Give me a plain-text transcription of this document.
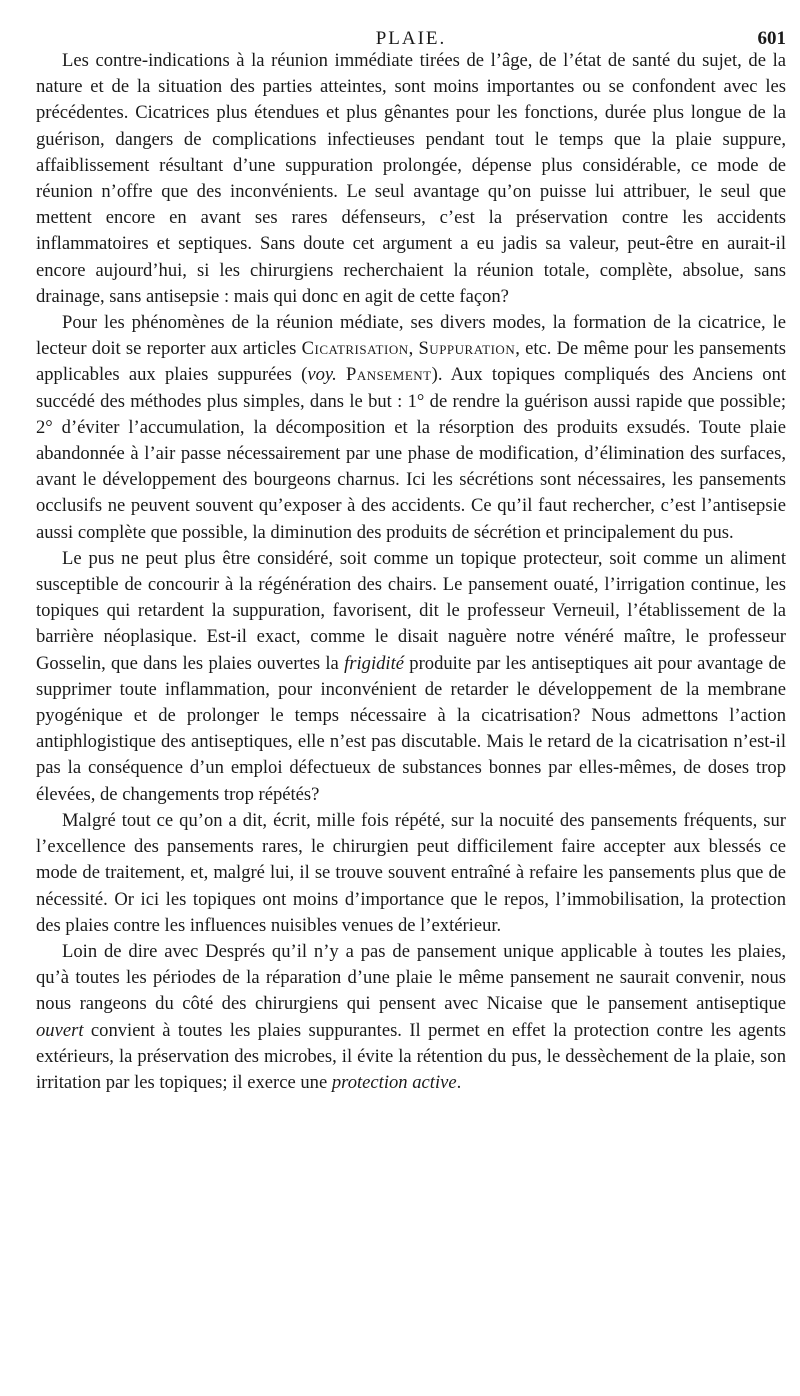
PLAIE.	601

Les contre-indications à la réunion immédiate tirées de l’âge, de l’état de santé du sujet, de la nature et de la situation des parties atteintes, sont moins importantes ou se confondent avec les précédentes. Cicatrices plus étendues et plus gênantes pour les fonctions, durée plus longue de la guérison, dangers de complications infectieuses pendant tout le temps que la plaie suppure, affaiblissement résultant d’une suppuration prolongée, dépense plus considérable, ce mode de réunion n’offre que des inconvénients. Le seul avantage qu’on puisse lui attribuer, le seul que mettent encore en avant ses rares défenseurs, c’est la préservation contre les accidents inflammatoires et septiques. Sans doute cet argument a eu jadis sa valeur, peut-être en aurait-il encore aujourd’hui, si les chirurgiens recherchaient la réunion totale, complète, absolue, sans drainage, sans antisepsie : mais qui donc en agit de cette façon?

Pour les phénomènes de la réunion médiate, ses divers modes, la formation de la cicatrice, le lecteur doit se reporter aux articles Cicatrisation, Suppuration, etc. De même pour les pansements applicables aux plaies suppurées (voy. Pansement). Aux topiques compliqués des Anciens ont succédé des méthodes plus simples, dans le but : 1° de rendre la guérison aussi rapide que possible; 2° d’éviter l’accumulation, la décomposition et la résorption des produits exsudés. Toute plaie abandonnée à l’air passe nécessairement par une phase de modification, d’élimination des surfaces, avant le développement des bourgeons charnus. Ici les sécrétions sont nécessaires, les pansements occlusifs ne peuvent souvent qu’exposer à des accidents. Ce qu’il faut rechercher, c’est l’antisepsie aussi complète que possible, la diminution des produits de sécrétion et principalement du pus.

Le pus ne peut plus être considéré, soit comme un topique protecteur, soit comme un aliment susceptible de concourir à la régénération des chairs. Le pansement ouaté, l’irrigation continue, les topiques qui retardent la suppuration, favorisent, dit le professeur Verneuil, l’établissement de la barrière néoplasique. Est-il exact, comme le disait naguère notre vénéré maître, le professeur Gosselin, que dans les plaies ouvertes la frigidité produite par les antiseptiques ait pour avantage de supprimer toute inflammation, pour inconvénient de retarder le développement de la membrane pyogénique et de prolonger le temps nécessaire à la cicatrisation? Nous admettons l’action antiphlogistique des antiseptiques, elle n’est pas discutable. Mais le retard de la cicatrisation n’est-il pas la conséquence d’un emploi défectueux de substances bonnes par elles-mêmes, de doses trop élevées, de changements trop répétés?

Malgré tout ce qu’on a dit, écrit, mille fois répété, sur la nocuité des pansements fréquents, sur l’excellence des pansements rares, le chirurgien peut difficilement faire accepter aux blessés ce mode de traitement, et, malgré lui, il se trouve souvent entraîné à refaire les pansements plus que de nécessité. Or ici les topiques ont moins d’importance que le repos, l’immobilisation, la protection des plaies contre les influences nuisibles venues de l’extérieur.

Loin de dire avec Després qu’il n’y a pas de pansement unique applicable à toutes les plaies, qu’à toutes les périodes de la réparation d’une plaie le même pansement ne saurait convenir, nous nous rangeons du côté des chirurgiens qui pensent avec Nicaise que le pansement antiseptique ouvert convient à toutes les plaies suppurantes. Il permet en effet la protection contre les agents extérieurs, la préservation des microbes, il évite la rétention du pus, le dessèchement de la plaie, son irritation par les topiques; il exerce une protection active.
